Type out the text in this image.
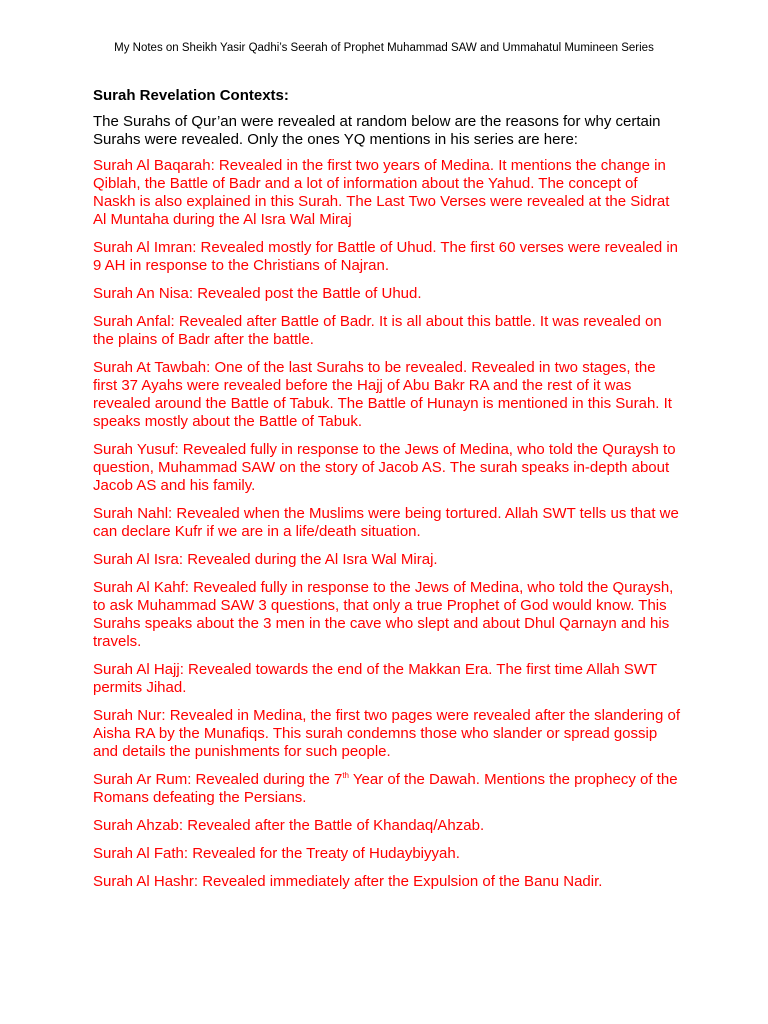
My Notes on Sheikh Yasir Qadhi’s Seerah of Prophet Muhammad SAW and Ummahatul Mumineen Series
Surah Revelation Contexts:
The Surahs of Qur’an were revealed at random below are the reasons for why certain Surahs were revealed. Only the ones YQ mentions in his series are here:
Surah Al Baqarah: Revealed in the first two years of Medina. It mentions the change in Qiblah, the Battle of Badr and a lot of information about the Yahud. The concept of Naskh is also explained in this Surah. The Last Two Verses were revealed at the Sidrat Al Muntaha during the Al Isra Wal Miraj
Surah Al Imran: Revealed mostly for Battle of Uhud. The first 60 verses were revealed in 9 AH in response to the Christians of Najran.
Surah An Nisa: Revealed post the Battle of Uhud.
Surah Anfal: Revealed after Battle of Badr. It is all about this battle. It was revealed on the plains of Badr after the battle.
Surah At Tawbah: One of the last Surahs to be revealed. Revealed in two stages, the first 37 Ayahs were revealed before the Hajj of Abu Bakr RA and the rest of it was revealed around the Battle of Tabuk. The Battle of Hunayn is mentioned in this Surah. It speaks mostly about the Battle of Tabuk.
Surah Yusuf: Revealed fully in response to the Jews of Medina, who told the Quraysh to question, Muhammad SAW on the story of Jacob AS. The surah speaks in-depth about Jacob AS and his family.
Surah Nahl: Revealed when the Muslims were being tortured. Allah SWT tells us that we can declare Kufr if we are in a life/death situation.
Surah Al Isra: Revealed during the Al Isra Wal Miraj.
Surah Al Kahf: Revealed fully in response to the Jews of Medina, who told the Quraysh, to ask Muhammad SAW 3 questions, that only a true Prophet of God would know. This Surahs speaks about the 3 men in the cave who slept and about Dhul Qarnayn and his travels.
Surah Al Hajj: Revealed towards the end of the Makkan Era. The first time Allah SWT permits Jihad.
Surah Nur: Revealed in Medina, the first two pages were revealed after the slandering of Aisha RA by the Munafiqs. This surah condemns those who slander or spread gossip and details the punishments for such people.
Surah Ar Rum: Revealed during the 7th Year of the Dawah. Mentions the prophecy of the Romans defeating the Persians.
Surah Ahzab: Revealed after the Battle of Khandaq/Ahzab.
Surah Al Fath: Revealed for the Treaty of Hudaybiyyah.
Surah Al Hashr: Revealed immediately after the Expulsion of the Banu Nadir.
